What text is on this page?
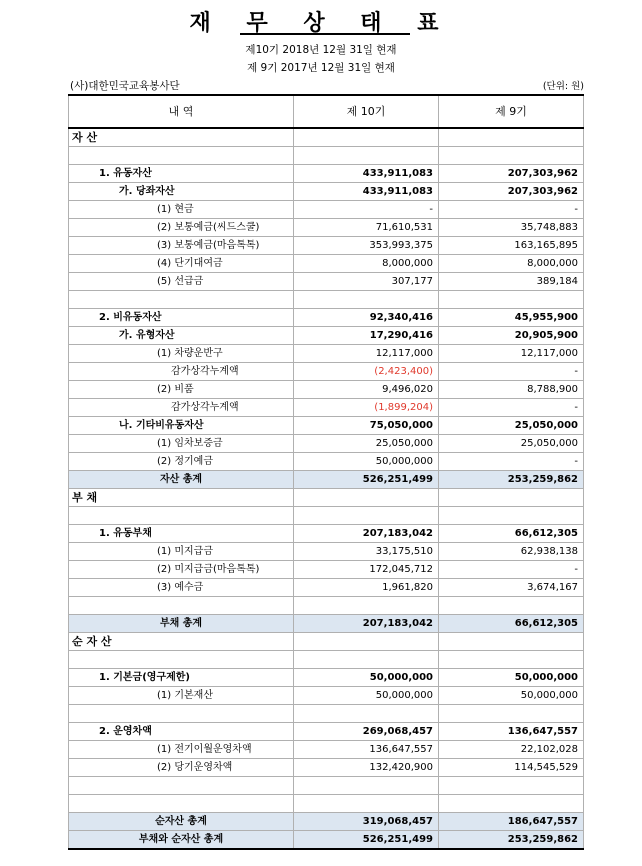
재 무 상 태 표
제10기 2018년 12월 31일 현재
제 9기 2017년 12월 31일 현재
(사)대한민국교육봉사단	(단위: 원)
내 역	제 10기	제 9기
자 산		

1. 유동자산	433,911,083	207,303,962
가. 당좌자산	433,911,083	207,303,962
(1) 현금	-	-
(2) 보통예금(씨드스쿨)	71,610,531	35,748,883
(3) 보통예금(마음톡톡)	353,993,375	163,165,895
(4) 단기대여금	8,000,000	8,000,000
(5) 선급금	307,177	389,184

2. 비유동자산	92,340,416	45,955,900
가. 유형자산	17,290,416	20,905,900
(1) 차량운반구	12,117,000	12,117,000
감가상각누계액	(2,423,400)	-
(2) 비품	9,496,020	8,788,900
감가상각누계액	(1,899,204)	-
나. 기타비유동자산	75,050,000	25,050,000
(1) 임차보증금	25,050,000	25,050,000
(2) 정기예금	50,000,000	-
자산 총계	526,251,499	253,259,862
부 채		

1. 유동부채	207,183,042	66,612,305
(1) 미지급금	33,175,510	62,938,138
(2) 미지급금(마음톡톡)	172,045,712	-
(3) 예수금	1,961,820	3,674,167

부채 총계	207,183,042	66,612,305
순 자 산		

1. 기본금(영구제한)	50,000,000	50,000,000
(1) 기본재산	50,000,000	50,000,000

2. 운영차액	269,068,457	136,647,557
(1) 전기이월운영차액	136,647,557	22,102,028
(2) 당기운영차액	132,420,900	114,545,529

순자산 총계	319,068,457	186,647,557
부채와 순자산 총계	526,251,499	253,259,862
